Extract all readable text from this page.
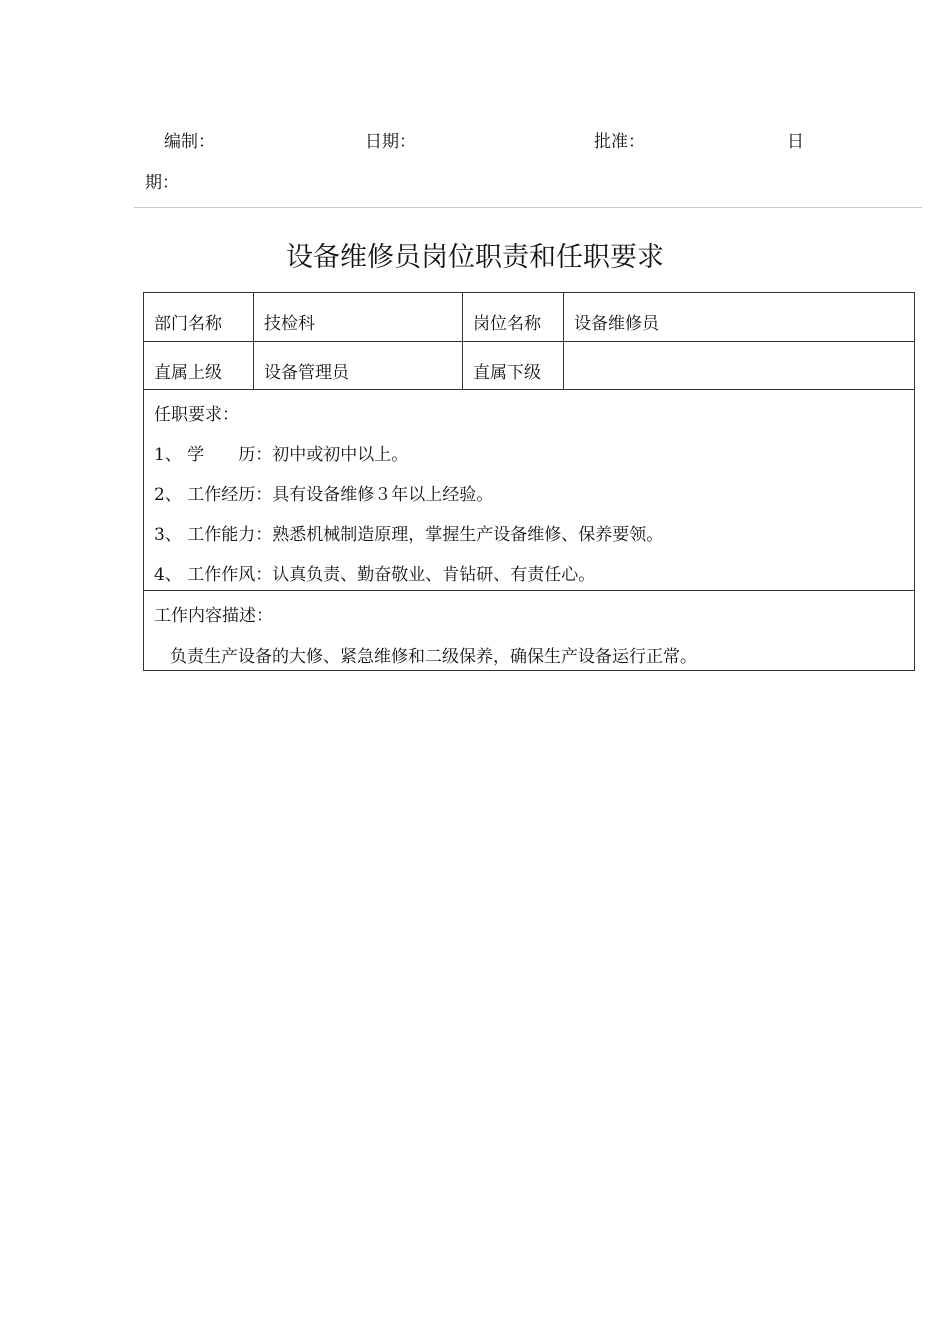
编制：	日期：	批准：	日
期：
设备维修员岗位职责和任职要求
部门名称	技检科	岗位名称	设备维修员
直属上级	设备管理员	直属下级
任职要求：
1、 学　　历：初中或初中以上。
2、 工作经历：具有设备维修３年以上经验。
3、 工作能力：熟悉机械制造原理，掌握生产设备维修、保养要领。
4、 工作作风：认真负责、勤奋敬业、肯钻研、有责任心。
工作内容描述：
负责生产设备的大修、紧急维修和二级保养，确保生产设备运行正常。
